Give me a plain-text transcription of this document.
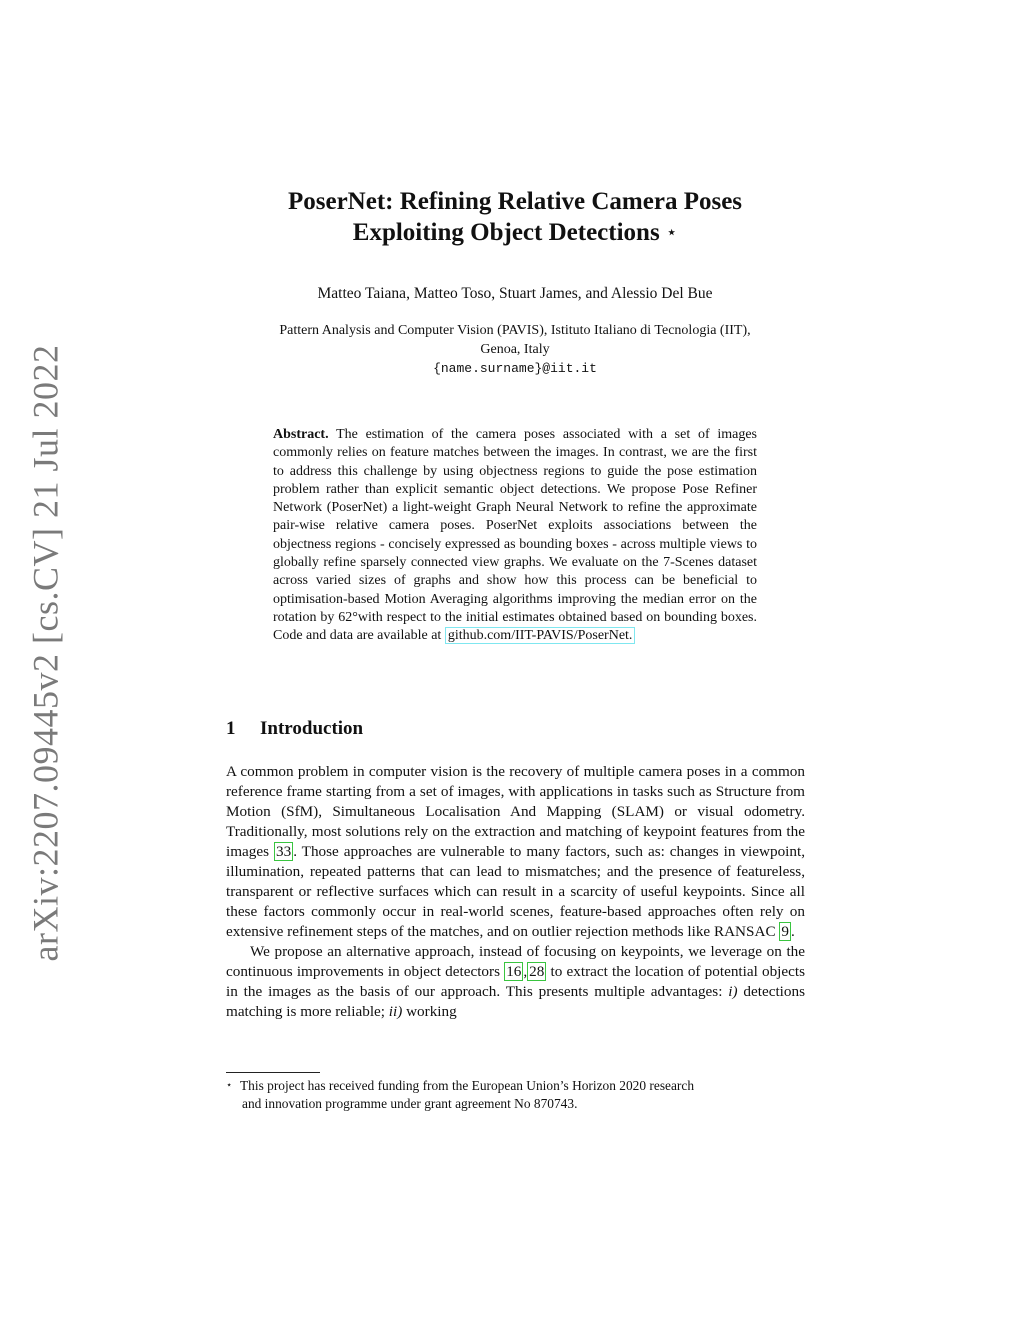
arXiv:2207.09445v2 [cs.CV] 21 Jul 2022
PoserNet: Refining Relative Camera Poses
Exploiting Object Detections ⋆
Matteo Taiana, Matteo Toso, Stuart James, and Alessio Del Bue
Pattern Analysis and Computer Vision (PAVIS), Istituto Italiano di Tecnologia (IIT),
Genoa, Italy
{name.surname}@iit.it
Abstract. The estimation of the camera poses associated with a set of images commonly relies on feature matches between the images. In contrast, we are the first to address this challenge by using objectness regions to guide the pose estimation problem rather than explicit semantic object detections. We propose Pose Refiner Network (PoserNet) a light-weight Graph Neural Network to refine the approximate pair-wise relative camera poses. PoserNet exploits associations between the objectness regions - concisely expressed as bounding boxes - across multiple views to globally refine sparsely connected view graphs. We evaluate on the 7-Scenes dataset across varied sizes of graphs and show how this process can be beneficial to optimisation-based Motion Averaging algorithms improving the median error on the rotation by 62°with respect to the initial estimates obtained based on bounding boxes. Code and data are available at github.com/IIT-PAVIS/PoserNet.
1 Introduction

A common problem in computer vision is the recovery of multiple camera poses in a common reference frame starting from a set of images, with applications in tasks such as Structure from Motion (SfM), Simultaneous Localisation And Mapping (SLAM) or visual odometry. Traditionally, most solutions rely on the extraction and matching of keypoint features from the images 33 . Those approaches are vulnerable to many factors, such as: changes in viewpoint, illumination, repeated patterns that can lead to mismatches; and the presence of featureless, transparent or reflective surfaces which can result in a scarcity of useful keypoints. Since all these factors commonly occur in real-world scenes, feature-based approaches often rely on extensive refinement steps of the matches, and on outlier rejection methods like RANSAC 9 .

We propose an alternative approach, instead of focusing on keypoints, we leverage on the continuous improvements in object detectors 16 , 28 to extract the location of potential objects in the images as the basis of our approach. This presents multiple advantages: i) detections matching is more reliable; ii) working

⋆ This project has received funding from the European Union’s Horizon 2020 research
and innovation programme under grant agreement No 870743.
